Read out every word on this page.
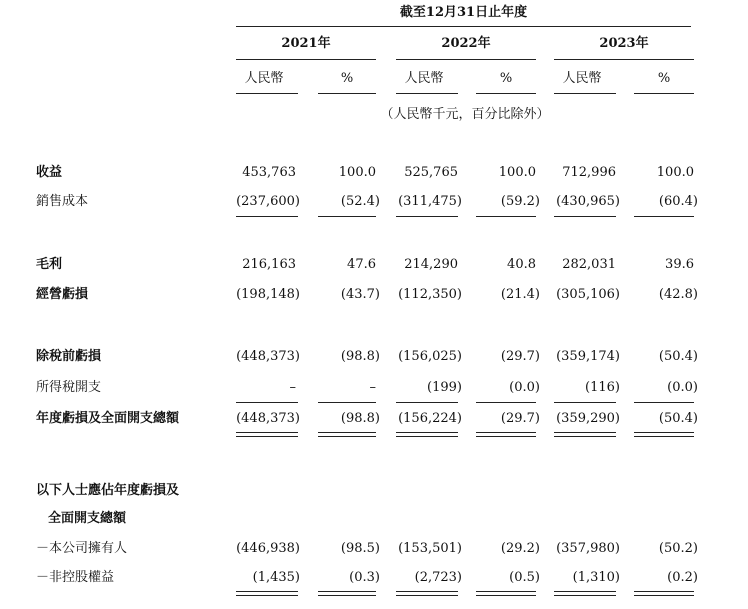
截至12月31日止年度
2021年	2022年	2023年
人民幣	%	人民幣	%	人民幣	%
（人民幣千元，百分比除外）
收益	453,763	100.0 525,765	100.0 712,996	100.0
銷售成本	(237,600)	(52.4) (311,475)	(59.2) (430,965)	(60.4)
毛利	216,163	47.6 214,290	40.8 282,031	39.6
經營虧損	(198,148)	(43.7) (112,350)	(21.4) (305,106)	(42.8)
除稅前虧損	(448,373)	(98.8) (156,025)	(29.7) (359,174)	(50.4)
所得稅開支	–	–	(199)	(0.0)	(116)	(0.0)
年度虧損及全面開支總額	(448,373)	(98.8) (156,224)	(29.7) (359,290)	(50.4)
以下人士應佔年度虧損及
全面開支總額
－本公司擁有人	(446,938)	(98.5) (153,501)	(29.2) (357,980)	(50.2)
－非控股權益	(1,435)	(0.3)	(2,723)	(0.5)	(1,310)	(0.2)
